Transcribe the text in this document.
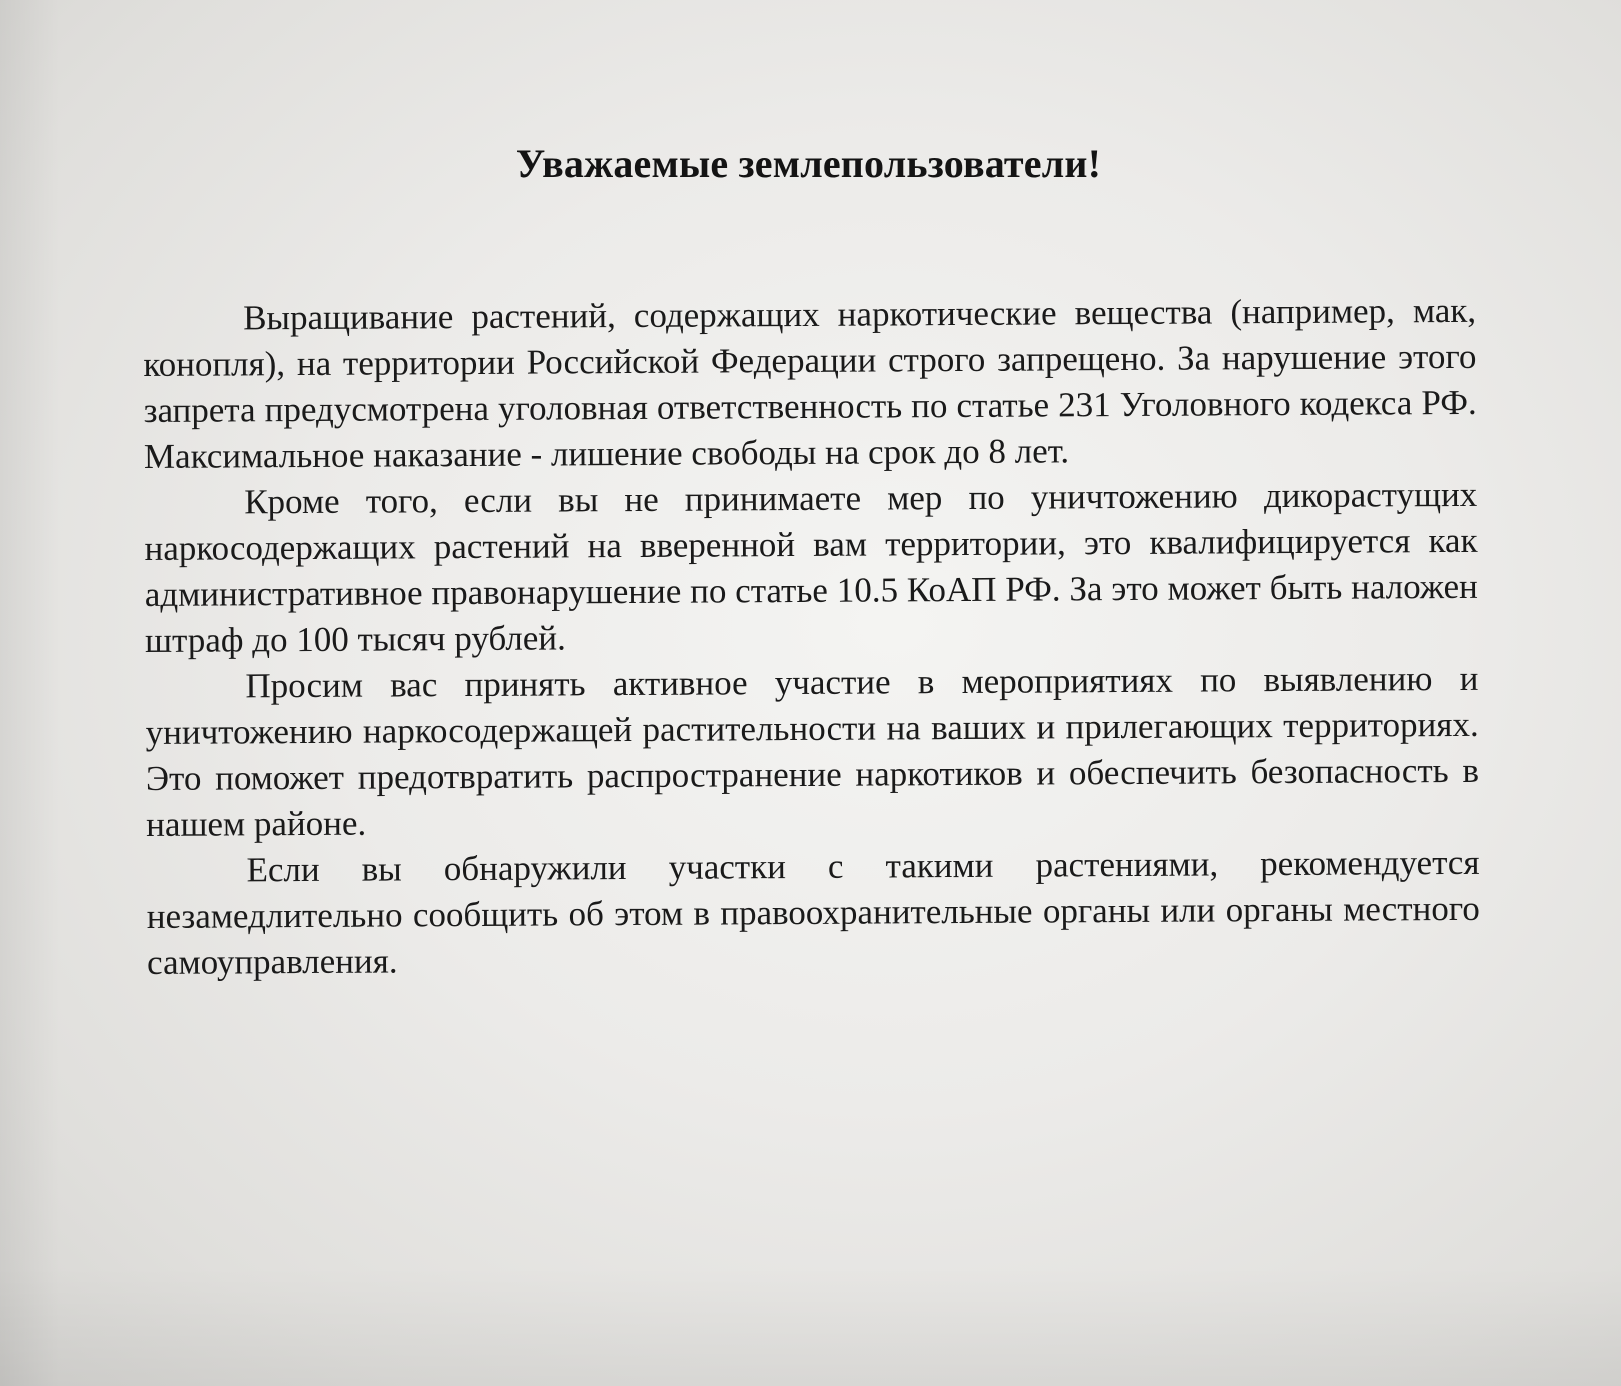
Уважаемые землепользователи!

Выращивание растений, содержащих наркотические вещества (например, мак, конопля), на территории Российской Федерации строго запрещено. За нарушение этого запрета предусмотрена уголовная ответственность по статье 231 Уголовного кодекса РФ. Максимальное наказание - лишение свободы на срок до 8 лет.

Кроме того, если вы не принимаете мер по уничтожению дикорастущих наркосодержащих растений на вверенной вам территории, это квалифицируется как административное правонарушение по статье 10.5 КоАП РФ. За это может быть наложен штраф до 100 тысяч рублей.

Просим вас принять активное участие в мероприятиях по выявлению и уничтожению наркосодержащей растительности на ваших и прилегающих территориях. Это поможет предотвратить распространение наркотиков и обеспечить безопасность в нашем районе.

Если вы обнаружили участки с такими растениями, рекомендуется незамедлительно сообщить об этом в правоохранительные органы или органы местного самоуправления.
